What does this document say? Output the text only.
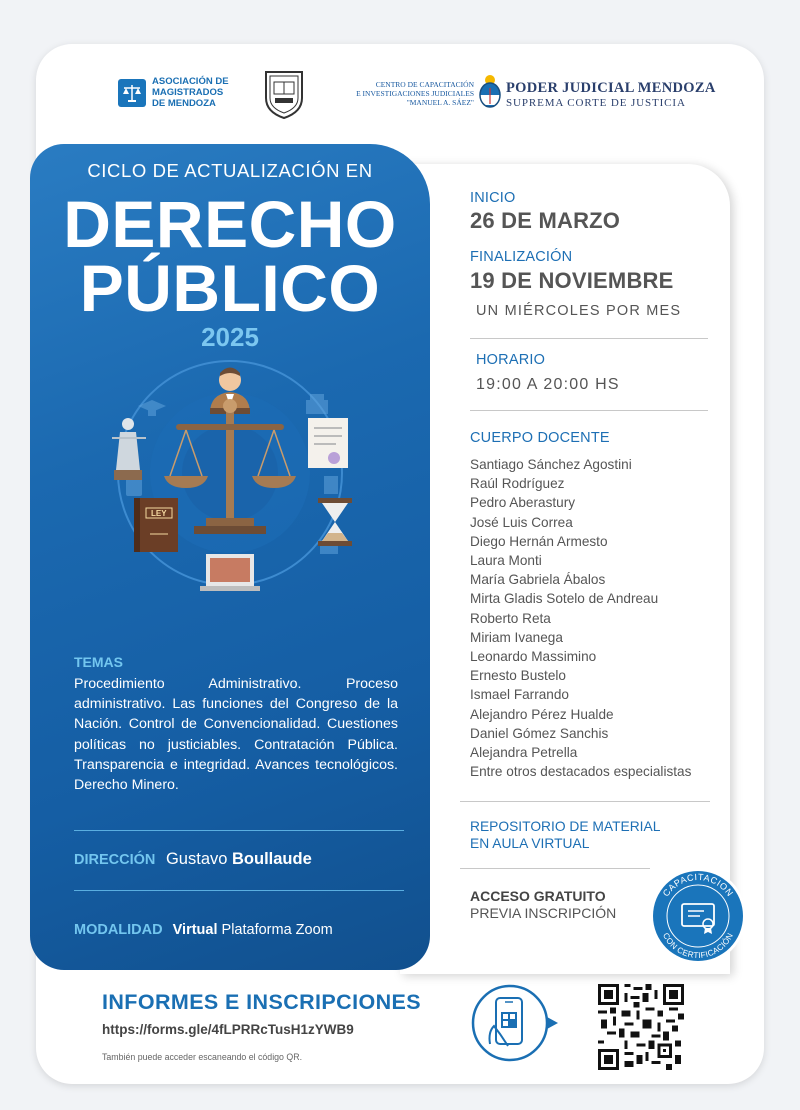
ASOCIACIÓN DE
MAGISTRADOS
DE MENDOZA
CENTRO DE CAPACITACIÓN
E INVESTIGACIONES JUDICIALES
"MANUEL A. SÁEZ"
PODER JUDICIAL MENDOZA
SUPREMA CORTE DE JUSTICIA
CICLO DE ACTUALIZACIÓN EN
DERECHO
PÚBLICO
2025
LEY
TEMAS
Procedimiento Administrativo. Proceso administrativo. Las funciones del Congreso de la Nación. Control de Convencionalidad. Cuestiones políticas no justiciables. Contratación Pública. Transparencia e integridad. Avances tecnológicos. Derecho Minero.
DIRECCIÓN Gustavo Boullaude
MODALIDAD Virtual Plataforma Zoom
INICIO
26 DE MARZO
FINALIZACIÓN
19 DE NOVIEMBRE
UN MIÉRCOLES POR MES
HORARIO
19:00 A 20:00 HS
CUERPO DOCENTE
Santiago Sánchez Agostini
Raúl Rodríguez
Pedro Aberastury
José Luis Correa
Diego Hernán Armesto
Laura Monti
María Gabriela Ábalos
Mirta Gladis Sotelo de Andreau
Roberto Reta
Miriam Ivanega
Leonardo Massimino
Ernesto Bustelo
Ismael Farrando
Alejandro Pérez Hualde
Daniel Gómez Sanchis
Alejandra Petrella
Entre otros destacados especialistas
REPOSITORIO DE MATERIAL
EN AULA VIRTUAL
ACCESO GRATUITO
PREVIA INSCRIPCIÓN
CAPACITACION
CON CERTIFICACIÓN
INFORMES E INSCRIPCIONES
https://forms.gle/4fLPRRcTusH1zYWB9
También puede acceder escaneando el código QR.
